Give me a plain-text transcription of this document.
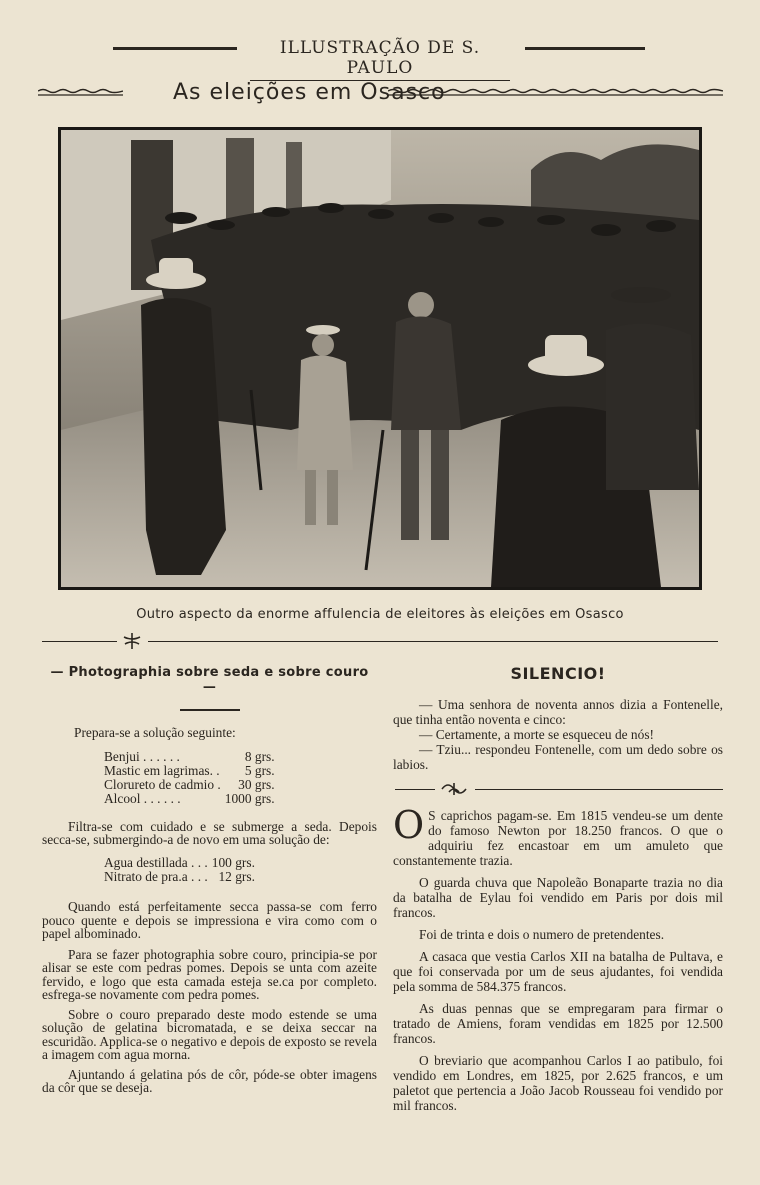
ILLUSTRAÇÃO DE S. PAULO
As eleições em Osasco
Outro aspecto da enorme affulencia de eleitores às eleições em Osasco
— Photographia sobre seda e sobre couro —

Prepara-se a solução seguinte:

Benjui . . . . . .	8 grs.
Mastic em lagrimas. .	5 grs.
Clorureto de cadmio .	30 grs.
Alcool . . . . . .	1000 grs.

Filtra-se com cuidado e se submerge a seda. Depois secca-se, submergindo-a de novo em uma solução de:

Agua destillada . . .	100 grs.
Nitrato de pra.a . . .	12 grs.

Quando está perfeitamente secca passa-se com ferro pouco quente e depois se impressiona e vira como com o papel albominado.

Para se fazer photographia sobre couro, principia-se por alisar se este com pedras pomes. Depois se unta com azeite fervido, e logo que esta camada esteja se.ca por completo. esfrega-se novamente com pedra pomes.

Sobre o couro preparado deste modo estende se uma solução de gelatina bicromatada, e se deixa seccar na escuridão. Applica-se o negativo e depois de exposto se revela a imagem com agua morna.

Ajuntando á gelatina pós de côr, póde-se obter imagens da côr que se deseja.

SILENCIO!

— Uma senhora de noventa annos dizia a Fontenelle, que tinha então noventa e cinco:

— Certamente, a morte se esqueceu de nós!

— Tziu... respondeu Fontenelle, com um dedo sobre os labios.

O S caprichos pagam-se. Em 1815 vendeu-se um dente do famoso Newton por 18.250 francos. O que o adquiriu fez encastoar em um amuleto que constantemente trazia.

O guarda chuva que Napoleão Bonaparte trazia no dia da batalha de Eylau foi vendido em Paris por dois mil francos.

Foi de trinta e dois o numero de pretendentes.

A casaca que vestia Carlos XII na batalha de Pultava, e que foi conservada por um de seus ajudantes, foi vendida pela somma de 584.375 francos.

As duas pennas que se empregaram para firmar o tratado de Amiens, foram vendidas em 1825 por 12.500 francos.

O breviario que acompanhou Carlos I ao patibulo, foi vendido em Londres, em 1825, por 2.625 francos, e um paletot que pertencia a João Jacob Rousseau foi vendido por mil francos.
